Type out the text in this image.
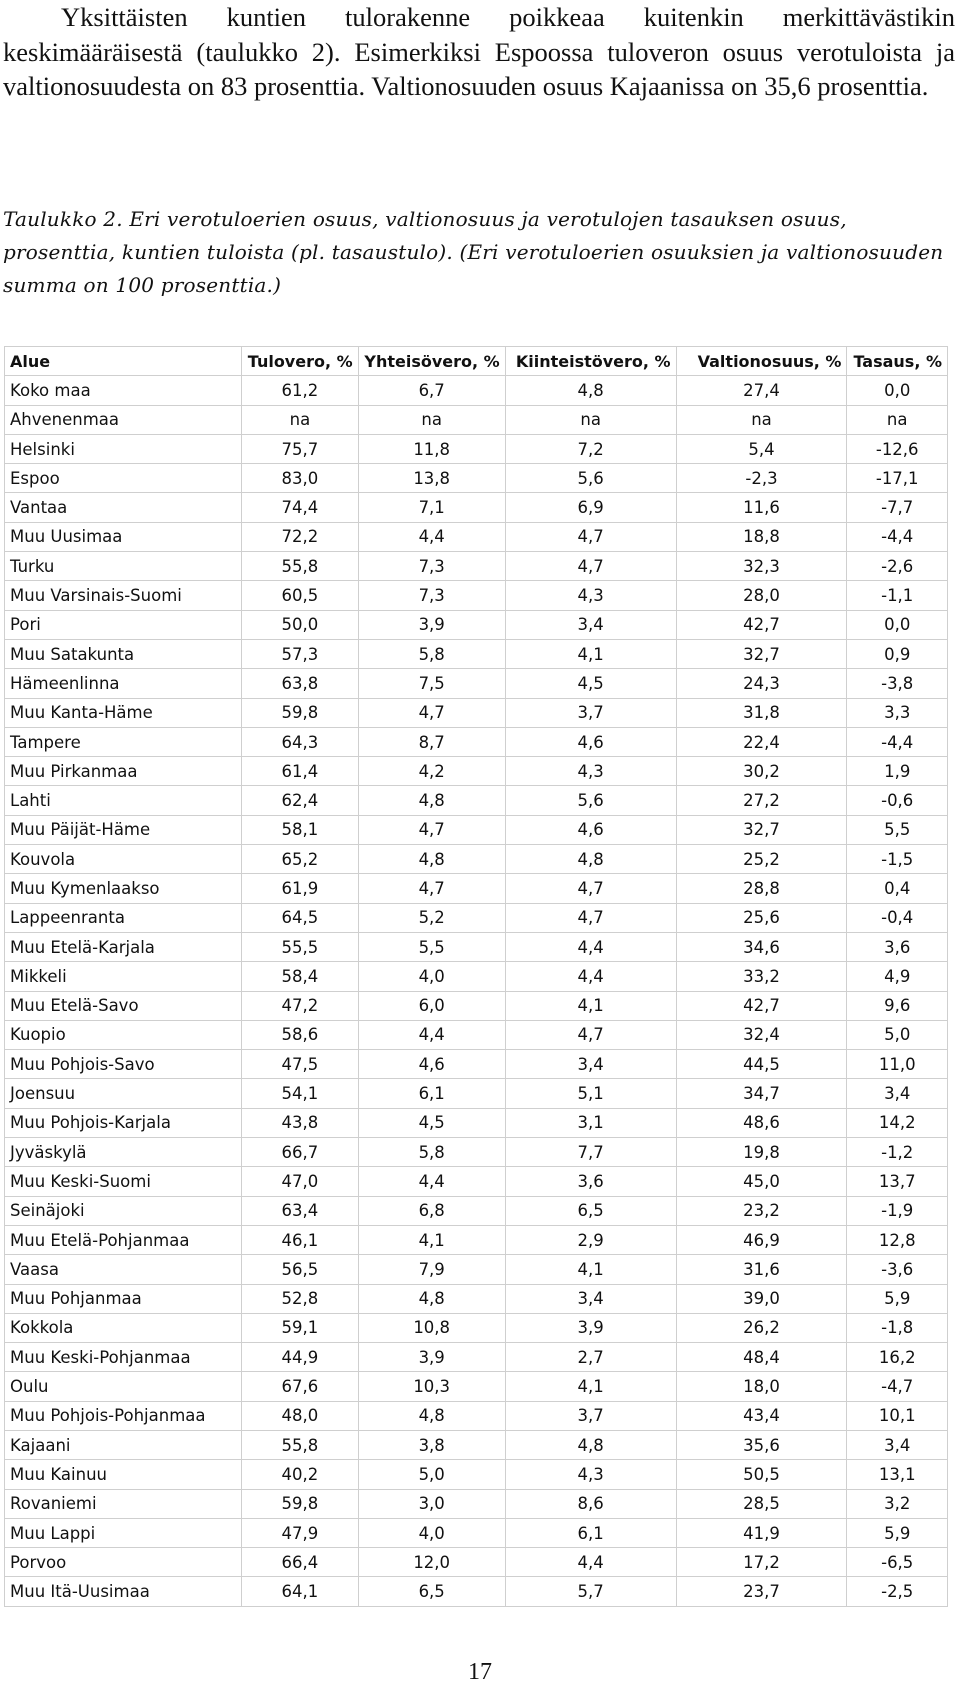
Yksittäisten kuntien tulorakenne poikkeaa kuitenkin merkittävästikin keskimääräisestä (taulukko 2). Esimerkiksi Espoossa tuloveron osuus verotuloista ja valtionosuudesta on 83 prosenttia. Valtionosuuden osuus Kajaanissa on 35,6 prosenttia.

Taulukko 2. Eri verotuloerien osuus, valtionosuus ja verotulojen tasauksen osuus, prosenttia, kuntien tuloista (pl. tasaustulo). (Eri verotuloerien osuuksien ja valtionosuuden summa on 100 prosenttia.)

Alue	Tulovero, %	Yhteisövero, %	Kiinteistövero, %	Valtionosuus, %	Tasaus, %
Koko maa	61,2	6,7	4,8	27,4	0,0
Ahvenenmaa	na	na	na	na	na
Helsinki	75,7	11,8	7,2	5,4	-12,6
Espoo	83,0	13,8	5,6	-2,3	-17,1
Vantaa	74,4	7,1	6,9	11,6	-7,7
Muu Uusimaa	72,2	4,4	4,7	18,8	-4,4
Turku	55,8	7,3	4,7	32,3	-2,6
Muu Varsinais-Suomi	60,5	7,3	4,3	28,0	-1,1
Pori	50,0	3,9	3,4	42,7	0,0
Muu Satakunta	57,3	5,8	4,1	32,7	0,9
Hämeenlinna	63,8	7,5	4,5	24,3	-3,8
Muu Kanta-Häme	59,8	4,7	3,7	31,8	3,3
Tampere	64,3	8,7	4,6	22,4	-4,4
Muu Pirkanmaa	61,4	4,2	4,3	30,2	1,9
Lahti	62,4	4,8	5,6	27,2	-0,6
Muu Päijät-Häme	58,1	4,7	4,6	32,7	5,5
Kouvola	65,2	4,8	4,8	25,2	-1,5
Muu Kymenlaakso	61,9	4,7	4,7	28,8	0,4
Lappeenranta	64,5	5,2	4,7	25,6	-0,4
Muu Etelä-Karjala	55,5	5,5	4,4	34,6	3,6
Mikkeli	58,4	4,0	4,4	33,2	4,9
Muu Etelä-Savo	47,2	6,0	4,1	42,7	9,6
Kuopio	58,6	4,4	4,7	32,4	5,0
Muu Pohjois-Savo	47,5	4,6	3,4	44,5	11,0
Joensuu	54,1	6,1	5,1	34,7	3,4
Muu Pohjois-Karjala	43,8	4,5	3,1	48,6	14,2
Jyväskylä	66,7	5,8	7,7	19,8	-1,2
Muu Keski-Suomi	47,0	4,4	3,6	45,0	13,7
Seinäjoki	63,4	6,8	6,5	23,2	-1,9
Muu Etelä-Pohjanmaa	46,1	4,1	2,9	46,9	12,8
Vaasa	56,5	7,9	4,1	31,6	-3,6
Muu Pohjanmaa	52,8	4,8	3,4	39,0	5,9
Kokkola	59,1	10,8	3,9	26,2	-1,8
Muu Keski-Pohjanmaa	44,9	3,9	2,7	48,4	16,2
Oulu	67,6	10,3	4,1	18,0	-4,7
Muu Pohjois-Pohjanmaa	48,0	4,8	3,7	43,4	10,1
Kajaani	55,8	3,8	4,8	35,6	3,4
Muu Kainuu	40,2	5,0	4,3	50,5	13,1
Rovaniemi	59,8	3,0	8,6	28,5	3,2
Muu Lappi	47,9	4,0	6,1	41,9	5,9
Porvoo	66,4	12,0	4,4	17,2	-6,5
Muu Itä-Uusimaa	64,1	6,5	5,7	23,7	-2,5
17
